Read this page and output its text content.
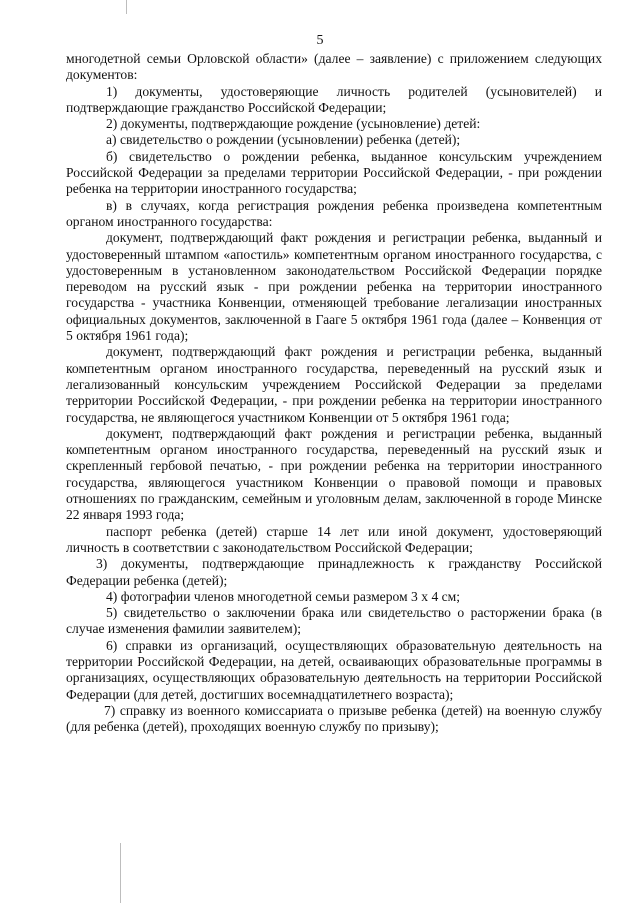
5

многодетной семьи Орловской области» (далее – заявление) с приложением следующих документов:

1) документы, удостоверяющие личность родителей (усыновителей) и подтверждающие гражданство Российской Федерации;

2) документы, подтверждающие рождение (усыновление) детей:

а) свидетельство о рождении (усыновлении) ребенка (детей);

б) свидетельство о рождении ребенка, выданное консульским учреждением Российской Федерации за пределами территории Российской Федерации, - при рождении ребенка на территории иностранного государства;

в) в случаях, когда регистрация рождения ребенка произведена компетентным органом иностранного государства:

документ, подтверждающий факт рождения и регистрации ребенка, выданный и удостоверенный штампом «апостиль» компетентным органом иностранного государства, с удостоверенным в установленном законодательством Российской Федерации порядке переводом на русский язык - при рождении ребенка на территории иностранного государства - участника Конвенции, отменяющей требование легализации иностранных официальных документов, заключенной в Гааге 5 октября 1961 года (далее – Конвенция от 5 октября 1961 года);

документ, подтверждающий факт рождения и регистрации ребенка, выданный компетентным органом иностранного государства, переведенный на русский язык и легализованный консульским учреждением Российской Федерации за пределами территории Российской Федерации, - при рождении ребенка на территории иностранного государства, не являющегося участником Конвенции от 5 октября 1961 года;

документ, подтверждающий факт рождения и регистрации ребенка, выданный компетентным органом иностранного государства, переведенный на русский язык и скрепленный гербовой печатью, - при рождении ребенка на территории иностранного государства, являющегося участником Конвенции о правовой помощи и правовых отношениях по гражданским, семейным и уголовным делам, заключенной в городе Минске 22 января 1993 года;

паспорт ребенка (детей) старше 14 лет или иной документ, удостоверяющий личность в соответствии с законодательством Российской Федерации;

3) документы, подтверждающие принадлежность к гражданству Российской Федерации ребенка (детей);

4) фотографии членов многодетной семьи размером 3 x 4 см;

5) свидетельство о заключении брака или свидетельство о расторжении брака (в случае изменения фамилии заявителем);

6) справки из организаций, осуществляющих образовательную деятельность на территории Российской Федерации, на детей, осваивающих образовательные программы в организациях, осуществляющих образовательную деятельность на территории Российской Федерации (для детей, достигших восемнадцатилетнего возраста);

7) справку из военного комиссариата о призыве ребенка (детей) на военную службу (для ребенка (детей), проходящих военную службу по призыву);
